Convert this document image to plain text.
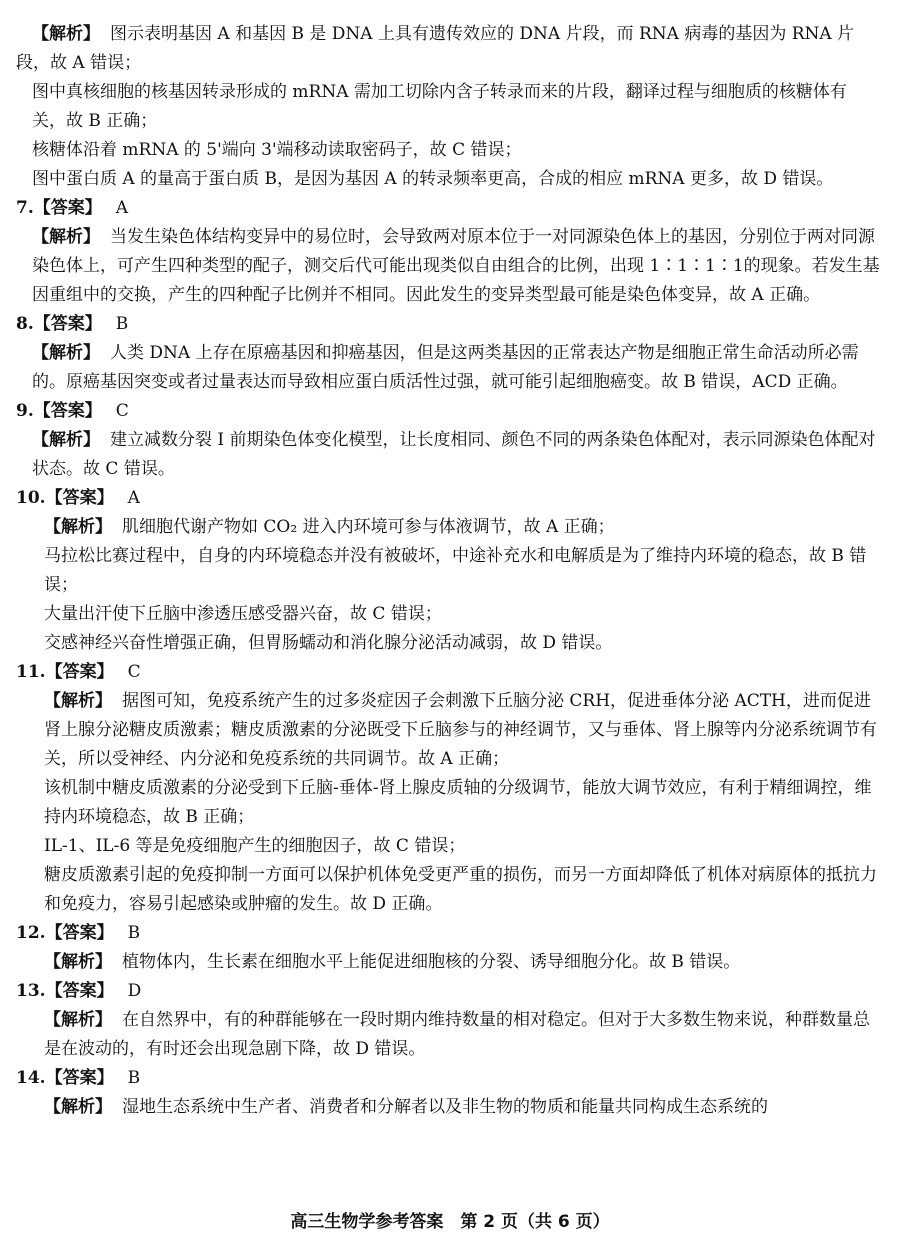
【解析】 图示表明基因 A 和基因 B 是 DNA 上具有遗传效应的 DNA 片段，而 RNA 病毒的基因为 RNA 片段，故 A 错误；

图中真核细胞的核基因转录形成的 mRNA 需加工切除内含子转录而来的片段，翻译过程与细胞质的核糖体有关，故 B 正确；

核糖体沿着 mRNA 的 5'端向 3'端移动读取密码子，故 C 错误；

图中蛋白质 A 的量高于蛋白质 B，是因为基因 A 的转录频率更高，合成的相应 mRNA 更多，故 D 错误。

7.【答案】 A

【解析】 当发生染色体结构变异中的易位时，会导致两对原本位于一对同源染色体上的基因，分别位于两对同源染色体上，可产生四种类型的配子，测交后代可能出现类似自由组合的比例，出现 1∶1∶1∶1的现象。若发生基因重组中的交换，产生的四种配子比例并不相同。因此发生的变异类型最可能是染色体变异，故 A 正确。

8.【答案】 B

【解析】 人类 DNA 上存在原癌基因和抑癌基因，但是这两类基因的正常表达产物是细胞正常生命活动所必需的。原癌基因突变或者过量表达而导致相应蛋白质活性过强，就可能引起细胞癌变。故 B 错误，ACD 正确。

9.【答案】 C

【解析】 建立减数分裂 I 前期染色体变化模型，让长度相同、颜色不同的两条染色体配对，表示同源染色体配对状态。故 C 错误。

10.【答案】 A

【解析】 肌细胞代谢产物如 CO₂ 进入内环境可参与体液调节，故 A 正确；

马拉松比赛过程中，自身的内环境稳态并没有被破坏，中途补充水和电解质是为了维持内环境的稳态，故 B 错误；

大量出汗使下丘脑中渗透压感受器兴奋，故 C 错误；

交感神经兴奋性增强正确，但胃肠蠕动和消化腺分泌活动减弱，故 D 错误。

11.【答案】 C

【解析】 据图可知，免疫系统产生的过多炎症因子会刺激下丘脑分泌 CRH，促进垂体分泌 ACTH，进而促进肾上腺分泌糖皮质激素；糖皮质激素的分泌既受下丘脑参与的神经调节，又与垂体、肾上腺等内分泌系统调节有关，所以受神经、内分泌和免疫系统的共同调节。故 A 正确；

该机制中糖皮质激素的分泌受到下丘脑-垂体-肾上腺皮质轴的分级调节，能放大调节效应，有利于精细调控，维持内环境稳态，故 B 正确；

IL-1、IL-6 等是免疫细胞产生的细胞因子，故 C 错误；

糖皮质激素引起的免疫抑制一方面可以保护机体免受更严重的损伤，而另一方面却降低了机体对病原体的抵抗力和免疫力，容易引起感染或肿瘤的发生。故 D 正确。

12.【答案】 B

【解析】 植物体内，生长素在细胞水平上能促进细胞核的分裂、诱导细胞分化。故 B 错误。

13.【答案】 D

【解析】 在自然界中，有的种群能够在一段时期内维持数量的相对稳定。但对于大多数生物来说，种群数量总是在波动的，有时还会出现急剧下降，故 D 错误。

14.【答案】 B

【解析】 湿地生态系统中生产者、消费者和分解者以及非生物的物质和能量共同构成生态系统的

高三生物学参考答案　第 2 页（共 6 页）
